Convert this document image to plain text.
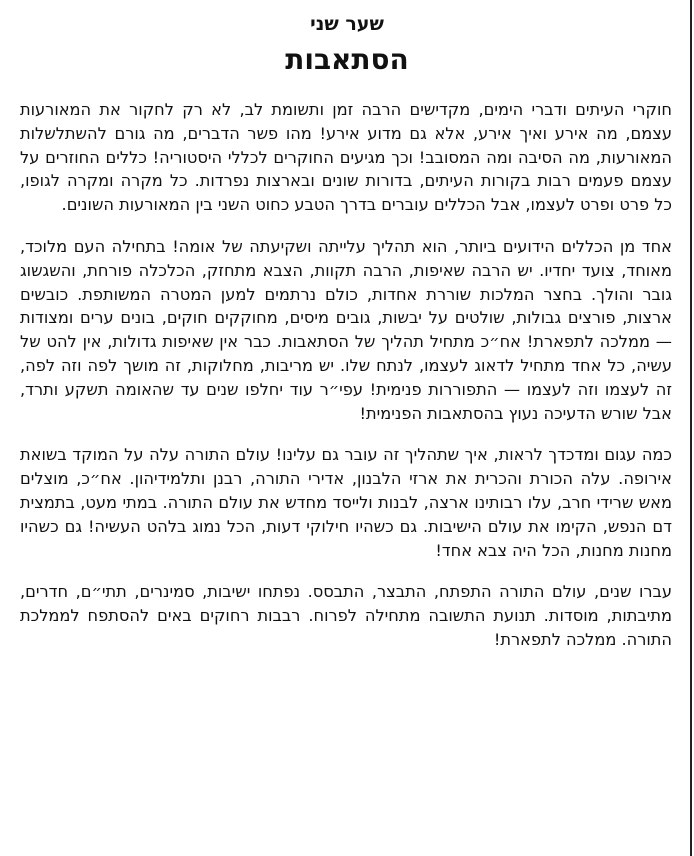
שער שני
הסתאבות

חוקרי העיתים ודברי הימים, מקדישים הרבה זמן ותשומת לב, לא רק לחקור את המאורעות עצמם, מה אירע ואיך אירע, אלא גם מדוע אירע! מהו פשר הדברים, מה גורם להשתלשלות המאורעות, מה הסיבה ומה המסובב! וכך מגיעים החוקרים לכללי היסטוריה! כללים החוזרים על עצמם פעמים רבות בקורות העיתים, בדורות שונים ובארצות נפרדות. כל מקרה ומקרה לגופו, כל פרט ופרט לעצמו, אבל הכללים עוברים בדרך הטבע כחוט השני בין המאורעות השונים.

אחד מן הכללים הידועים ביותר, הוא תהליך עלייתה ושקיעתה של אומה! בתחילה העם מלוכד, מאוחד, צועד יחדיו. יש הרבה שאיפות, הרבה תקוות, הצבא מתחזק, הכלכלה פורחת, והשגשוג גובר והולך. בחצר המלכות שוררת אחדות, כולם נרתמים למען המטרה המשותפת. כובשים ארצות, פורצים גבולות, שולטים על יבשות, גובים מיסים, מחוקקים חוקים, בונים ערים ומצודות — ממלכה לתפארת! אח״כ מתחיל תהליך של הסתאבות. כבר אין שאיפות גדולות, אין להט של עשיה, כל אחד מתחיל לדאוג לעצמו, לנתח שלו. יש מריבות, מחלוקות, זה מושך לפה וזה לפה, זה לעצמו וזה לעצמו — התפוררות פנימית! עפי״ר עוד יחלפו שנים עד שהאומה תשקע ותרד, אבל שורש הדעיכה נעוץ בהסתאבות הפנימית!

כמה עגום ומדכדך לראות, איך שתהליך זה עובר גם עלינו! עולם התורה עלה על המוקד בשואת אירופה. עלה הכורת והכרית את ארזי הלבנון, אדירי התורה, רבנן ותלמידיהון. אח״כ, מוצלים מאש שרידי חרב, עלו רבותינו ארצה, לבנות ולייסד מחדש את עולם התורה. במתי מעט, בתמצית דם הנפש, הקימו את עולם הישיבות. גם כשהיו חילוקי דעות, הכל נמוג בלהט העשיה! גם כשהיו מחנות מחנות, הכל היה צבא אחד!

עברו שנים, עולם התורה התפתח, התבצר, התבסס. נפתחו ישיבות, סמינרים, תתי״ם, חדרים, מתיבתות, מוסדות. תנועת התשובה מתחילה לפרוח. רבבות רחוקים באים להסתפח לממלכת התורה. ממלכה לתפארת!
